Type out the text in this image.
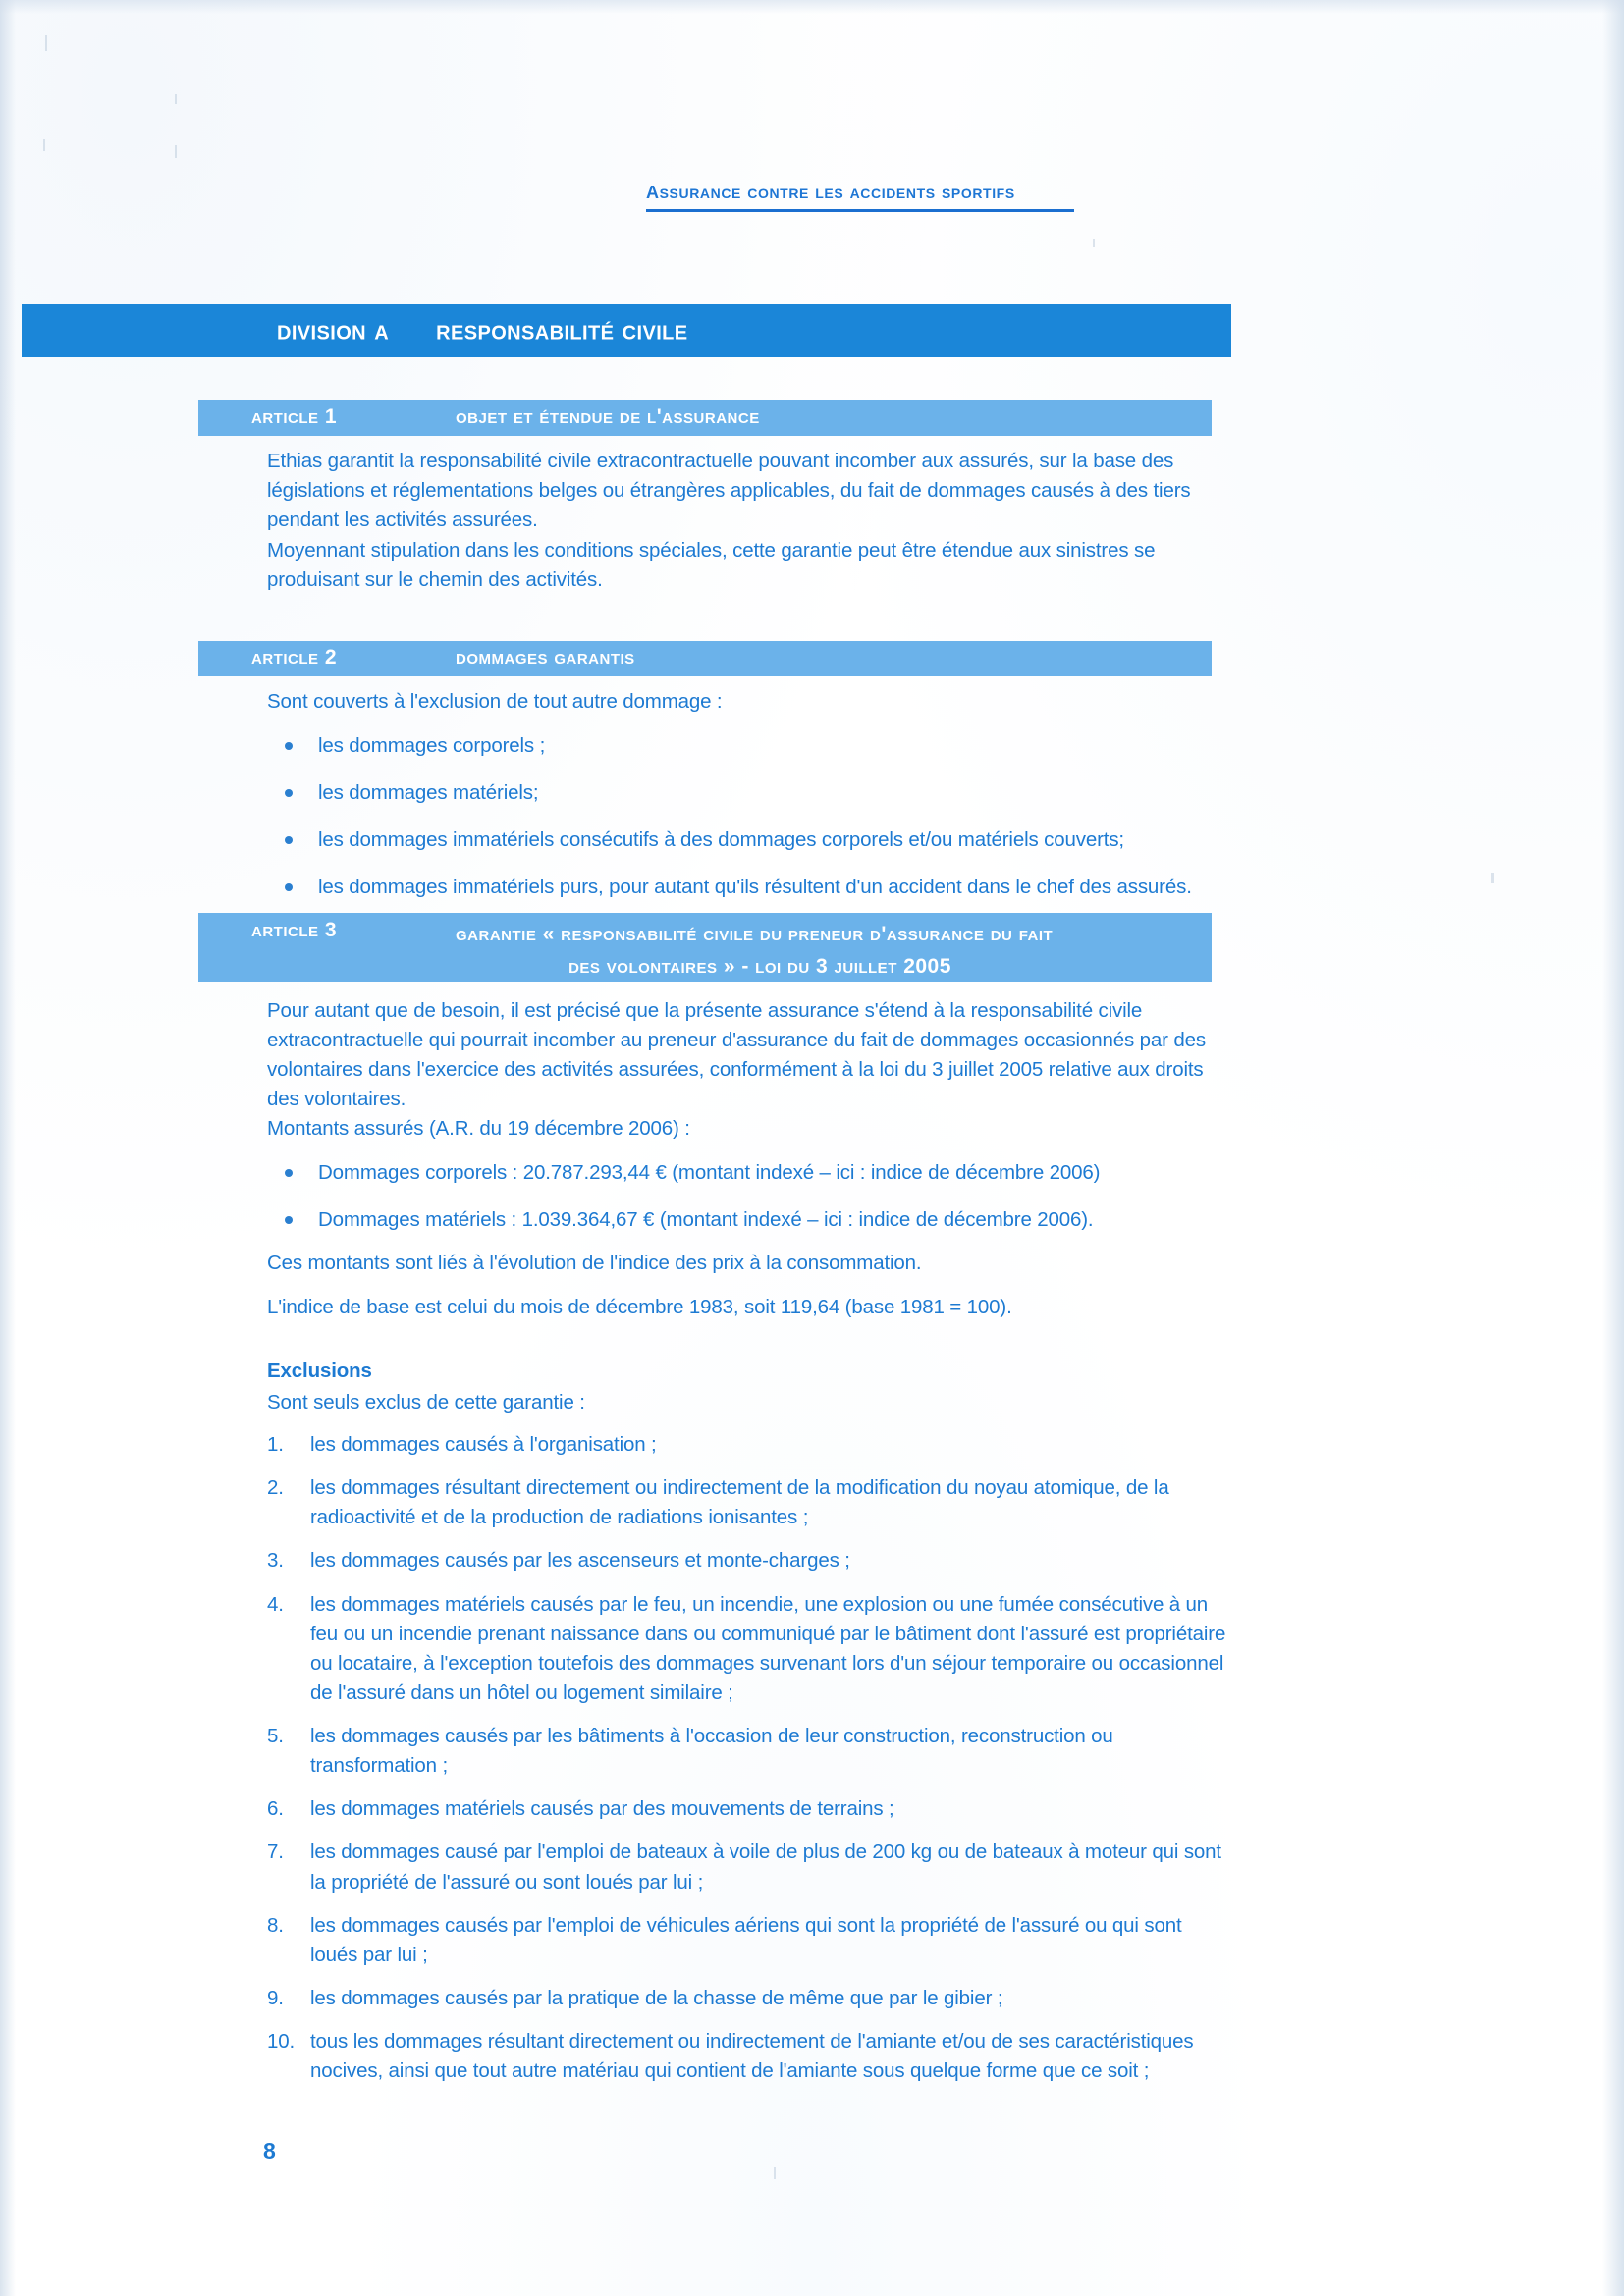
assurance contre les accidents sportifs
division a responsabilité civile
article 1	objet et étendue de l'assurance
Ethias garantit la responsabilité civile extracontractuelle pouvant incomber aux assurés, sur la base des législations et réglementations belges ou étrangères applicables, du fait de dommages causés à des tiers pendant les activités assurées.
Moyennant stipulation dans les conditions spéciales, cette garantie peut être étendue aux sinistres se produisant sur le chemin des activités.
article 2	dommages garantis
Sont couverts à l'exclusion de tout autre dommage :
les dommages corporels ;
les dommages matériels;
les dommages immatériels consécutifs à des dommages corporels et/ou matériels couverts;
les dommages immatériels purs, pour autant qu'ils résultent d'un accident dans le chef des assurés.
article 3	garantie « responsabilité civile du preneur d'assurance du fait
des volontaires » - loi du 3 juillet 2005
Pour autant que de besoin, il est précisé que la présente assurance s'étend à la responsabilité civile extracontractuelle qui pourrait incomber au preneur d'assurance du fait de dommages occasionnés par des volontaires dans l'exercice des activités assurées, conformément à la loi du 3 juillet 2005 relative aux droits des volontaires.
Montants assurés (A.R. du 19 décembre 2006) :
Dommages corporels : 20.787.293,44 € (montant indexé – ici : indice de décembre 2006)
Dommages matériels : 1.039.364,67 € (montant indexé – ici : indice de décembre 2006).
Ces montants sont liés à l'évolution de l'indice des prix à la consommation.
L'indice de base est celui du mois de décembre 1983, soit 119,64 (base 1981 = 100).
Exclusions
Sont seuls exclus de cette garantie :
les dommages causés à l'organisation ;
les dommages résultant directement ou indirectement de la modification du noyau atomique, de la radioactivité et de la production de radiations ionisantes ;
les dommages causés par les ascenseurs et monte-charges ;
les dommages matériels causés par le feu, un incendie, une explosion ou une fumée consécutive à un feu ou un incendie prenant naissance dans ou communiqué par le bâtiment dont l'assuré est propriétaire ou locataire, à l'exception toutefois des dommages survenant lors d'un séjour temporaire ou occasionnel de l'assuré dans un hôtel ou logement similaire ;
les dommages causés par les bâtiments à l'occasion de leur construction, reconstruction ou transformation ;
les dommages matériels causés par des mouvements de terrains ;
les dommages causé par l'emploi de bateaux à voile de plus de 200 kg ou de bateaux à moteur qui sont la propriété de l'assuré ou sont loués par lui ;
les dommages causés par l'emploi de véhicules aériens qui sont la propriété de l'assuré ou qui sont loués par lui ;
les dommages causés par la pratique de la chasse de même que par le gibier ;
tous les dommages résultant directement ou indirectement de l'amiante et/ou de ses caractéristiques nocives, ainsi que tout autre matériau qui contient de l'amiante sous quelque forme que ce soit ;
8
